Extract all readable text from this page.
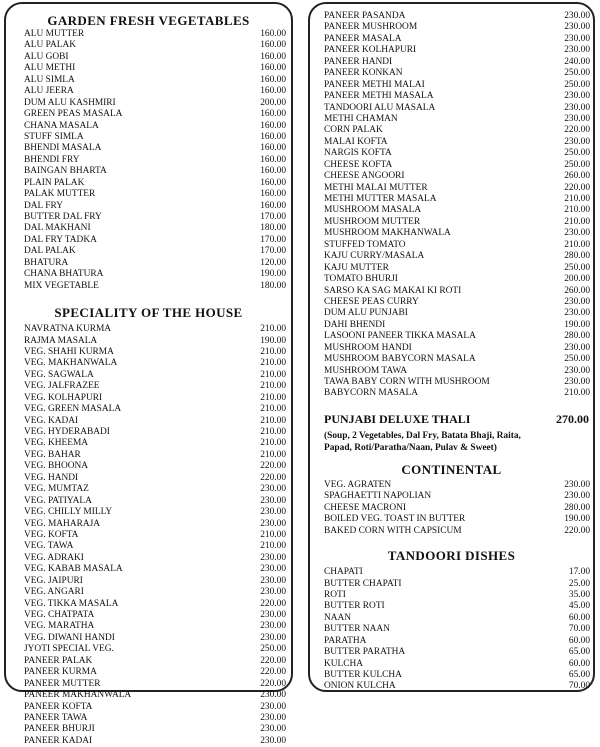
GARDEN FRESH VEGETABLES
ALU MUTTER	160.00
ALU PALAK	160.00
ALU GOBI	160.00
ALU METHI	160.00
ALU SIMLA	160.00
ALU JEERA	160.00
DUM ALU KASHMIRI	200.00
GREEN PEAS MASALA	160.00
CHANA MASALA	160.00
STUFF SIMLA	160.00
BHENDI MASALA	160.00
BHENDI FRY	160.00
BAINGAN BHARTA	160.00
PLAIN PALAK	160.00
PALAK MUTTER	160.00
DAL FRY	160.00
BUTTER DAL FRY	170.00
DAL MAKHANI	180.00
DAL FRY TADKA	170.00
DAL PALAK	170.00
BHATURA	120.00
CHANA BHATURA	190.00
MIX VEGETABLE	180.00
SPECIALITY OF THE HOUSE
NAVRATNA KURMA	210.00
RAJMA MASALA	190.00
VEG. SHAHI KURMA	210.00
VEG. MAKHANWALA	210.00
VEG. SAGWALA	210.00
VEG. JALFRAZEE	210.00
VEG. KOLHAPURI	210.00
VEG. GREEN MASALA	210.00
VEG. KADAI	210.00
VEG. HYDERABADI	210.00
VEG. KHEEMA	210.00
VEG. BAHAR	210.00
VEG. BHOONA	220.00
VEG. HANDI	220.00
VEG. MUMTAZ	230.00
VEG. PATIYALA	230.00
VEG. CHILLY MILLY	230.00
VEG. MAHARAJA	230.00
VEG. KOFTA	210.00
VEG. TAWA	210.00
VEG. ADRAKI	230.00
VEG. KABAB MASALA	230.00
VEG. JAIPURI	230.00
VEG. ANGARI	230.00
VEG. TIKKA MASALA	220.00
VEG. CHATPATA	230.00
VEG. MARATHA	230.00
VEG. DIWANI HANDI	230.00
JYOTI SPECIAL VEG.	250.00
PANEER PALAK	220.00
PANEER KURMA	220.00
PANEER MUTTER	220.00
PANEER MAKHANWALA	230.00
PANEER KOFTA	230.00
PANEER TAWA	230.00
PANEER BHURJI	230.00
PANEER KADAI	230.00
PANEER PASANDA	230.00
PANEER MUSHROOM	230.00
PANEER MASALA	230.00
PANEER KOLHAPURI	230.00
PANEER HANDI	240.00
PANEER KONKAN	250.00
PANEER METHI MALAI	250.00
PANEER METHI MASALA	230.00
TANDOORI ALU MASALA	230.00
METHI CHAMAN	230.00
CORN PALAK	220.00
MALAI KOFTA	230.00
NARGIS KOFTA	250.00
CHEESE KOFTA	250.00
CHEESE ANGOORI	260.00
METHI MALAI MUTTER	220.00
METHI MUTTER MASALA	210.00
MUSHROOM MASALA	210.00
MUSHROOM MUTTER	210.00
MUSHROOM MAKHANWALA	230.00
STUFFED TOMATO	210.00
KAJU CURRY/MASALA	280.00
KAJU MUTTER	250.00
TOMATO BHURJI	200.00
SARSO KA SAG MAKAI KI ROTI	260.00
CHEESE PEAS CURRY	230.00
DUM ALU PUNJABI	230.00
DAHI BHENDI	190.00
LASOONI PANEER TIKKA MASALA	280.00
MUSHROOM HANDI	230.00
MUSHROOM BABYCORN MASALA	250.00
MUSHROOM TAWA	230.00
TAWA BABY CORN WITH MUSHROOM	230.00
BABYCORN MASALA	210.00
PUNJABI DELUXE THALI	270.00
(Soup, 2 Vegetables, Dal Fry, Batata Bhaji, Raita,
Papad, Roti/Paratha/Naan, Pulav & Sweet)
CONTINENTAL
VEG. AGRATEN	230.00
SPAGHAETTI NAPOLIAN	230.00
CHEESE MACRONI	280.00
BOILED VEG. TOAST IN BUTTER	190.00
BAKED CORN WITH CAPSICUM	220.00
TANDOORI DISHES
CHAPATI	17.00
BUTTER CHAPATI	25.00
ROTI	35.00
BUTTER ROTI	45.00
NAAN	60.00
BUTTER NAAN	70.00
PARATHA	60.00
BUTTER PARATHA	65.00
KULCHA	60.00
BUTTER KULCHA	65.00
ONION KULCHA	70.00
